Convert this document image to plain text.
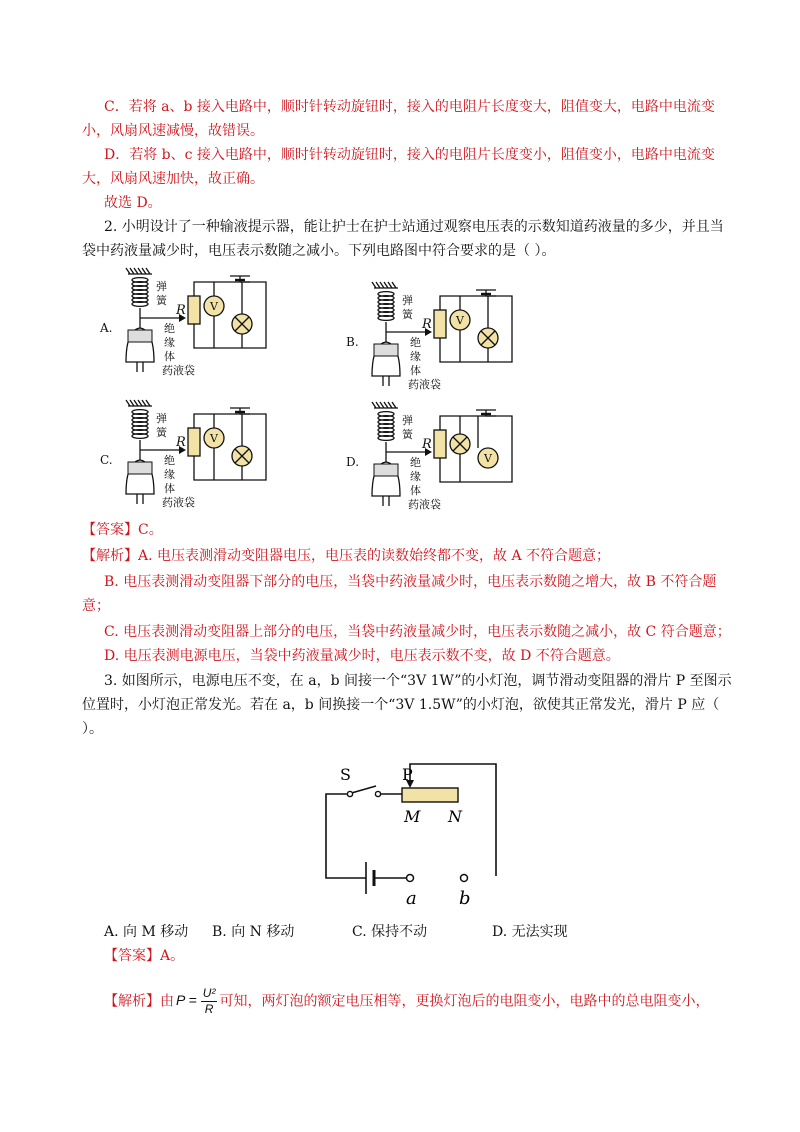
C．若将 a、b 接入电路中，顺时针转动旋钮时，接入的电阻片长度变大，阻值变大，电路中电流变
小，风扇风速减慢，故错误。
D．若将 b、c 接入电路中，顺时针转动旋钮时，接入的电阻片长度变小，阻值变小，电路中电流变
大，风扇风速加快，故正确。
故选 D。
2. 小明设计了一种输液提示器，能让护士在护士站通过观察电压表的示数知道药液量的多少，并且当
袋中药液量减少时，电压表示数随之减小。下列电路图中符合要求的是（ ）。
A.
弹
簧
R
绝
缘
体
药液袋
V
B.
弹
簧
R
绝
缘
体
药液袋
V
C.
弹
簧
R
绝
缘
体
药液袋
V
D.
弹
簧
R
绝
缘
体
药液袋
V
【答案】C。
【解析】A. 电压表测滑动变阻器电压，电压表的读数始终都不变，故 A 不符合题意；
B. 电压表测滑动变阻器下部分的电压，当袋中药液量减少时，电压表示数随之增大，故 B 不符合题
意；
C. 电压表测滑动变阻器上部分的电压，当袋中药液量减少时，电压表示数随之减小，故 C 符合题意；
D. 电压表测电源电压，当袋中药液量减少时，电压表示数不变，故 D 不符合题意。
3. 如图所示，电源电压不变，在 a，b 间接一个“3V 1W”的小灯泡，调节滑动变阻器的滑片 P 至图示
位置时，小灯泡正常发光。若在 a，b 间换接一个“3V 1.5W”的小灯泡，欲使其正常发光，滑片 P 应（
）。
S	P
M N
a b
A. 向 M 移动 B. 向 N 移动	C. 保持不动	D. 无法实现
【答案】A。
【解析】由 $P = \frac{\text{U²}}{R}$ 可知，两灯泡的额定电压相等，更换灯泡后的电阻变小，电路中的总电阻变小，
